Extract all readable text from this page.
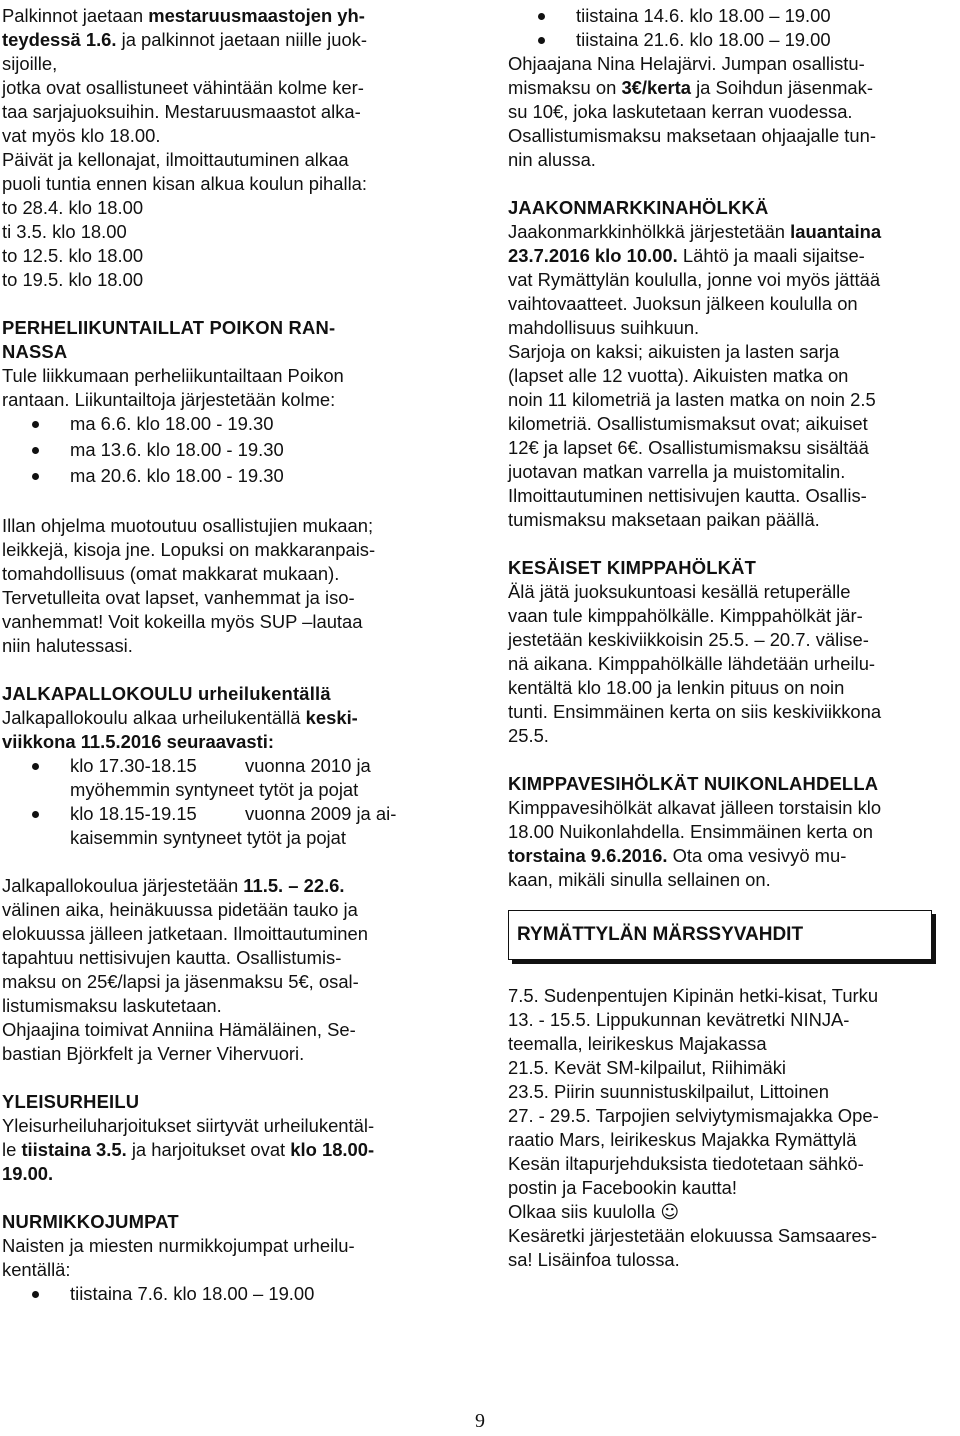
Palkinnot jaetaan mestaruusmaastojen yh-
teydessä 1.6. ja palkinnot jaetaan niille juok-
sijoille,
jotka ovat osallistuneet vähintään kolme ker-
taa sarjajuoksuihin. Mestaruusmaastot alka-
vat myös klo 18.00.
Päivät ja kellonajat, ilmoittautuminen alkaa
puoli tuntia ennen kisan alkua koulun pihalla:
to 28.4. klo 18.00
ti 3.5. klo 18.00
to 12.5. klo 18.00
to 19.5. klo 18.00
PERHELIIKUNTAILLAT POIKON RAN-
NASSA
Tule liikkumaan perheliikuntailtaan Poikon
rantaan. Liikuntailtoja järjestetään kolme:
ma 6.6. klo 18.00 - 19.30
ma 13.6. klo 18.00 - 19.30
ma 20.6. klo 18.00 - 19.30
Illan ohjelma muotoutuu osallistujien mukaan;
leikkejä, kisoja jne. Lopuksi on makkaranpais-
tomahdollisuus (omat makkarat mukaan).
Tervetulleita ovat lapset, vanhemmat ja iso-
vanhemmat! Voit kokeilla myös SUP –lautaa
niin halutessasi.
JALKAPALLOKOULU urheilukentällä
Jalkapallokoulu alkaa urheilukentällä keski-
viikkona 11.5.2016 seuraavasti:
klo 17.30-18.15	vuonna 2010 ja
myöhemmin syntyneet tytöt ja pojat
klo 18.15-19.15	vuonna 2009 ja ai-
kaisemmin syntyneet tytöt ja pojat
Jalkapallokoulua järjestetään 11.5. – 22.6.
välinen aika, heinäkuussa pidetään tauko ja
elokuussa jälleen jatketaan. Ilmoittautuminen
tapahtuu nettisivujen kautta. Osallistumis-
maksu on 25€/lapsi ja jäsenmaksu 5€, osal-
listumismaksu laskutetaan.
Ohjaajina toimivat Anniina Hämäläinen, Se-
bastian Björkfelt ja Verner Vihervuori.
YLEISURHEILU
Yleisurheiluharjoitukset siirtyvät urheilukentäl-
le tiistaina 3.5. ja harjoitukset ovat klo 18.00-
19.00.
NURMIKKOJUMPAT
Naisten ja miesten nurmikkojumpat urheilu-
kentällä:
tiistaina 7.6. klo 18.00 – 19.00
tiistaina 14.6. klo 18.00 – 19.00
tiistaina 21.6. klo 18.00 – 19.00
Ohjaajana Nina Helajärvi. Jumpan osallistu-
mismaksu on 3€/kerta ja Soihdun jäsenmak-
su 10€, joka laskutetaan kerran vuodessa.
Osallistumismaksu maksetaan ohjaajalle tun-
nin alussa.
JAAKONMARKKINAHÖLKKÄ
Jaakonmarkkinhölkkä järjestetään lauantaina
23.7.2016 klo 10.00. Lähtö ja maali sijaitse-
vat Rymättylän koululla, jonne voi myös jättää
vaihtovaatteet. Juoksun jälkeen koululla on
mahdollisuus suihkuun.
Sarjoja on kaksi; aikuisten ja lasten sarja
(lapset alle 12 vuotta). Aikuisten matka on
noin 11 kilometriä ja lasten matka on noin 2.5
kilometriä. Osallistumismaksut ovat; aikuiset
12€ ja lapset 6€. Osallistumismaksu sisältää
juotavan matkan varrella ja muistomitalin.
Ilmoittautuminen nettisivujen kautta. Osallis-
tumismaksu maksetaan paikan päällä.
KESÄISET KIMPPAHÖLKÄT
Älä jätä juoksukuntoasi kesällä retuperälle
vaan tule kimppahölkälle. Kimppahölkät jär-
jestetään keskiviikkoisin 25.5. – 20.7. välise-
nä aikana. Kimppahölkälle lähdetään urheilu-
kentältä klo 18.00 ja lenkin pituus on noin
tunti. Ensimmäinen kerta on siis keskiviikkona
25.5.
KIMPPAVESIHÖLKÄT NUIKONLAHDELLA
Kimppavesihölkät alkavat jälleen torstaisin klo
18.00 Nuikonlahdella. Ensimmäinen kerta on
torstaina 9.6.2016. Ota oma vesivyö mu-
kaan, mikäli sinulla sellainen on.
RYMÄTTYLÄN MÄRSSYVAHDIT
7.5. Sudenpentujen Kipinän hetki-kisat, Turku
13. - 15.5. Lippukunnan kevätretki NINJA-
teemalla, leirikeskus Majakassa
21.5. Kevät SM-kilpailut, Riihimäki
23.5. Piirin suunnistuskilpailut, Littoinen
27. - 29.5. Tarpojien selviytymismajakka Ope-
raatio Mars, leirikeskus Majakka Rymättylä
Kesän iltapurjehduksista tiedotetaan sähkö-
postin ja Facebookin kautta!
Olkaa siis kuulolla ☺
Kesäretki järjestetään elokuussa Samsaares-
sa! Lisäinfoa tulossa.
9
